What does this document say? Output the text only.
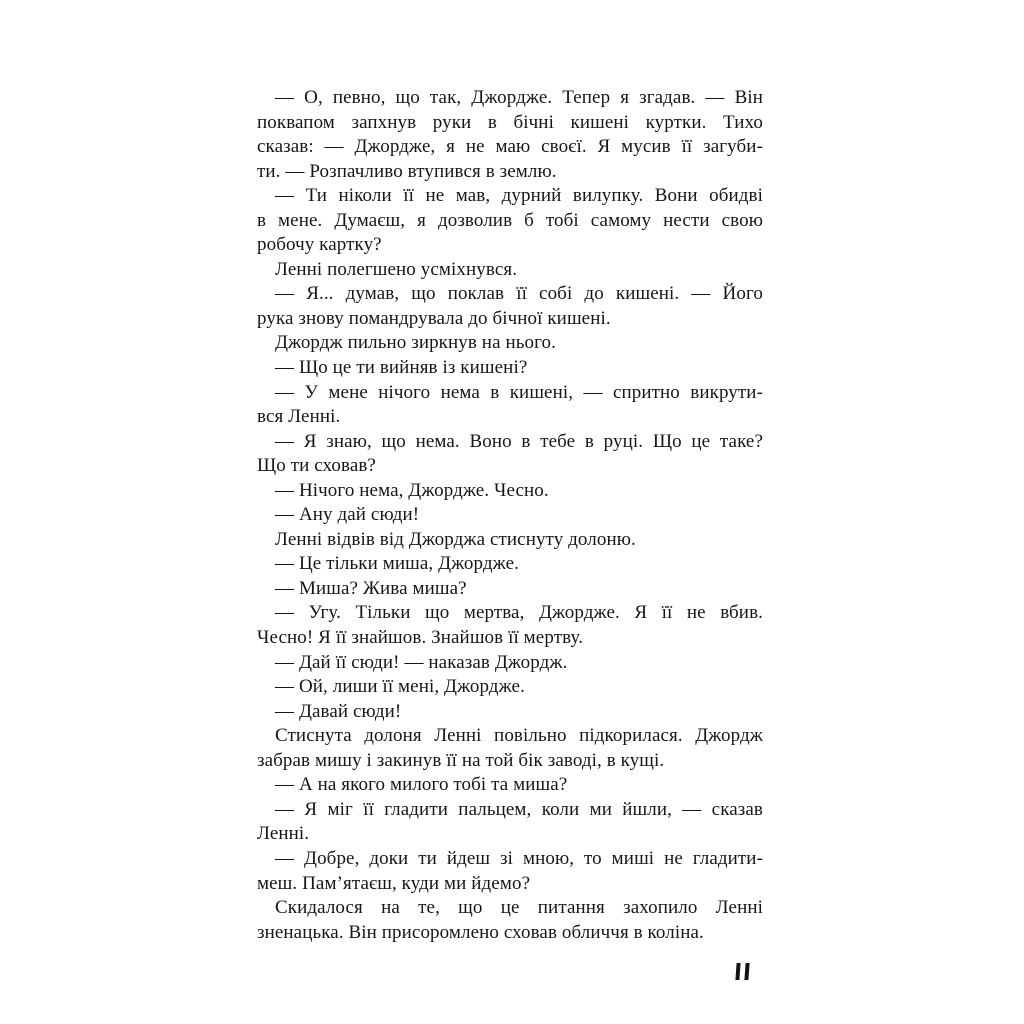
— О, певно, що так, Джордже. Тепер я згадав. — Він
поквапом запхнув руки в бічні кишені куртки. Тихо
сказав: — Джордже, я не маю своєї. Я мусив її загуби-
ти. — Розпачливо втупився в землю.
— Ти ніколи її не мав, дурний вилупку. Вони обидві
в мене. Думаєш, я дозволив б тобі самому нести свою
робочу картку?
Ленні полегшено усміхнувся.
— Я... думав, що поклав її собі до кишені. — Його
рука знову помандрувала до бічної кишені.
Джордж пильно зиркнув на нього.
— Що це ти вийняв із кишені?
— У мене нічого нема в кишені, — спритно викрути-
вся Ленні.
— Я знаю, що нема. Воно в тебе в руці. Що це таке?
Що ти сховав?
— Нічого нема, Джордже. Чесно.
— Ану дай сюди!
Ленні відвів від Джорджа стиснуту долоню.
— Це тільки миша, Джордже.
— Миша? Жива миша?
— Угу. Тільки що мертва, Джордже. Я її не вбив.
Чесно! Я її знайшов. Знайшов її мертву.
— Дай її сюди! — наказав Джордж.
— Ой, лиши її мені, Джордже.
— Давай сюди!
Стиснута долоня Ленні повільно підкорилася. Джордж
забрав мишу і закинув її на той бік заводі, в кущі.
— А на якого милого тобі та миша?
— Я міг її гладити пальцем, коли ми йшли, — сказав
Ленні.
— Добре, доки ти йдеш зі мною, то миші не гладити-
меш. Пам’ятаєш, куди ми йдемо?
Скидалося на те, що це питання захопило Ленні
зненацька. Він присоромлено сховав обличчя в коліна.
